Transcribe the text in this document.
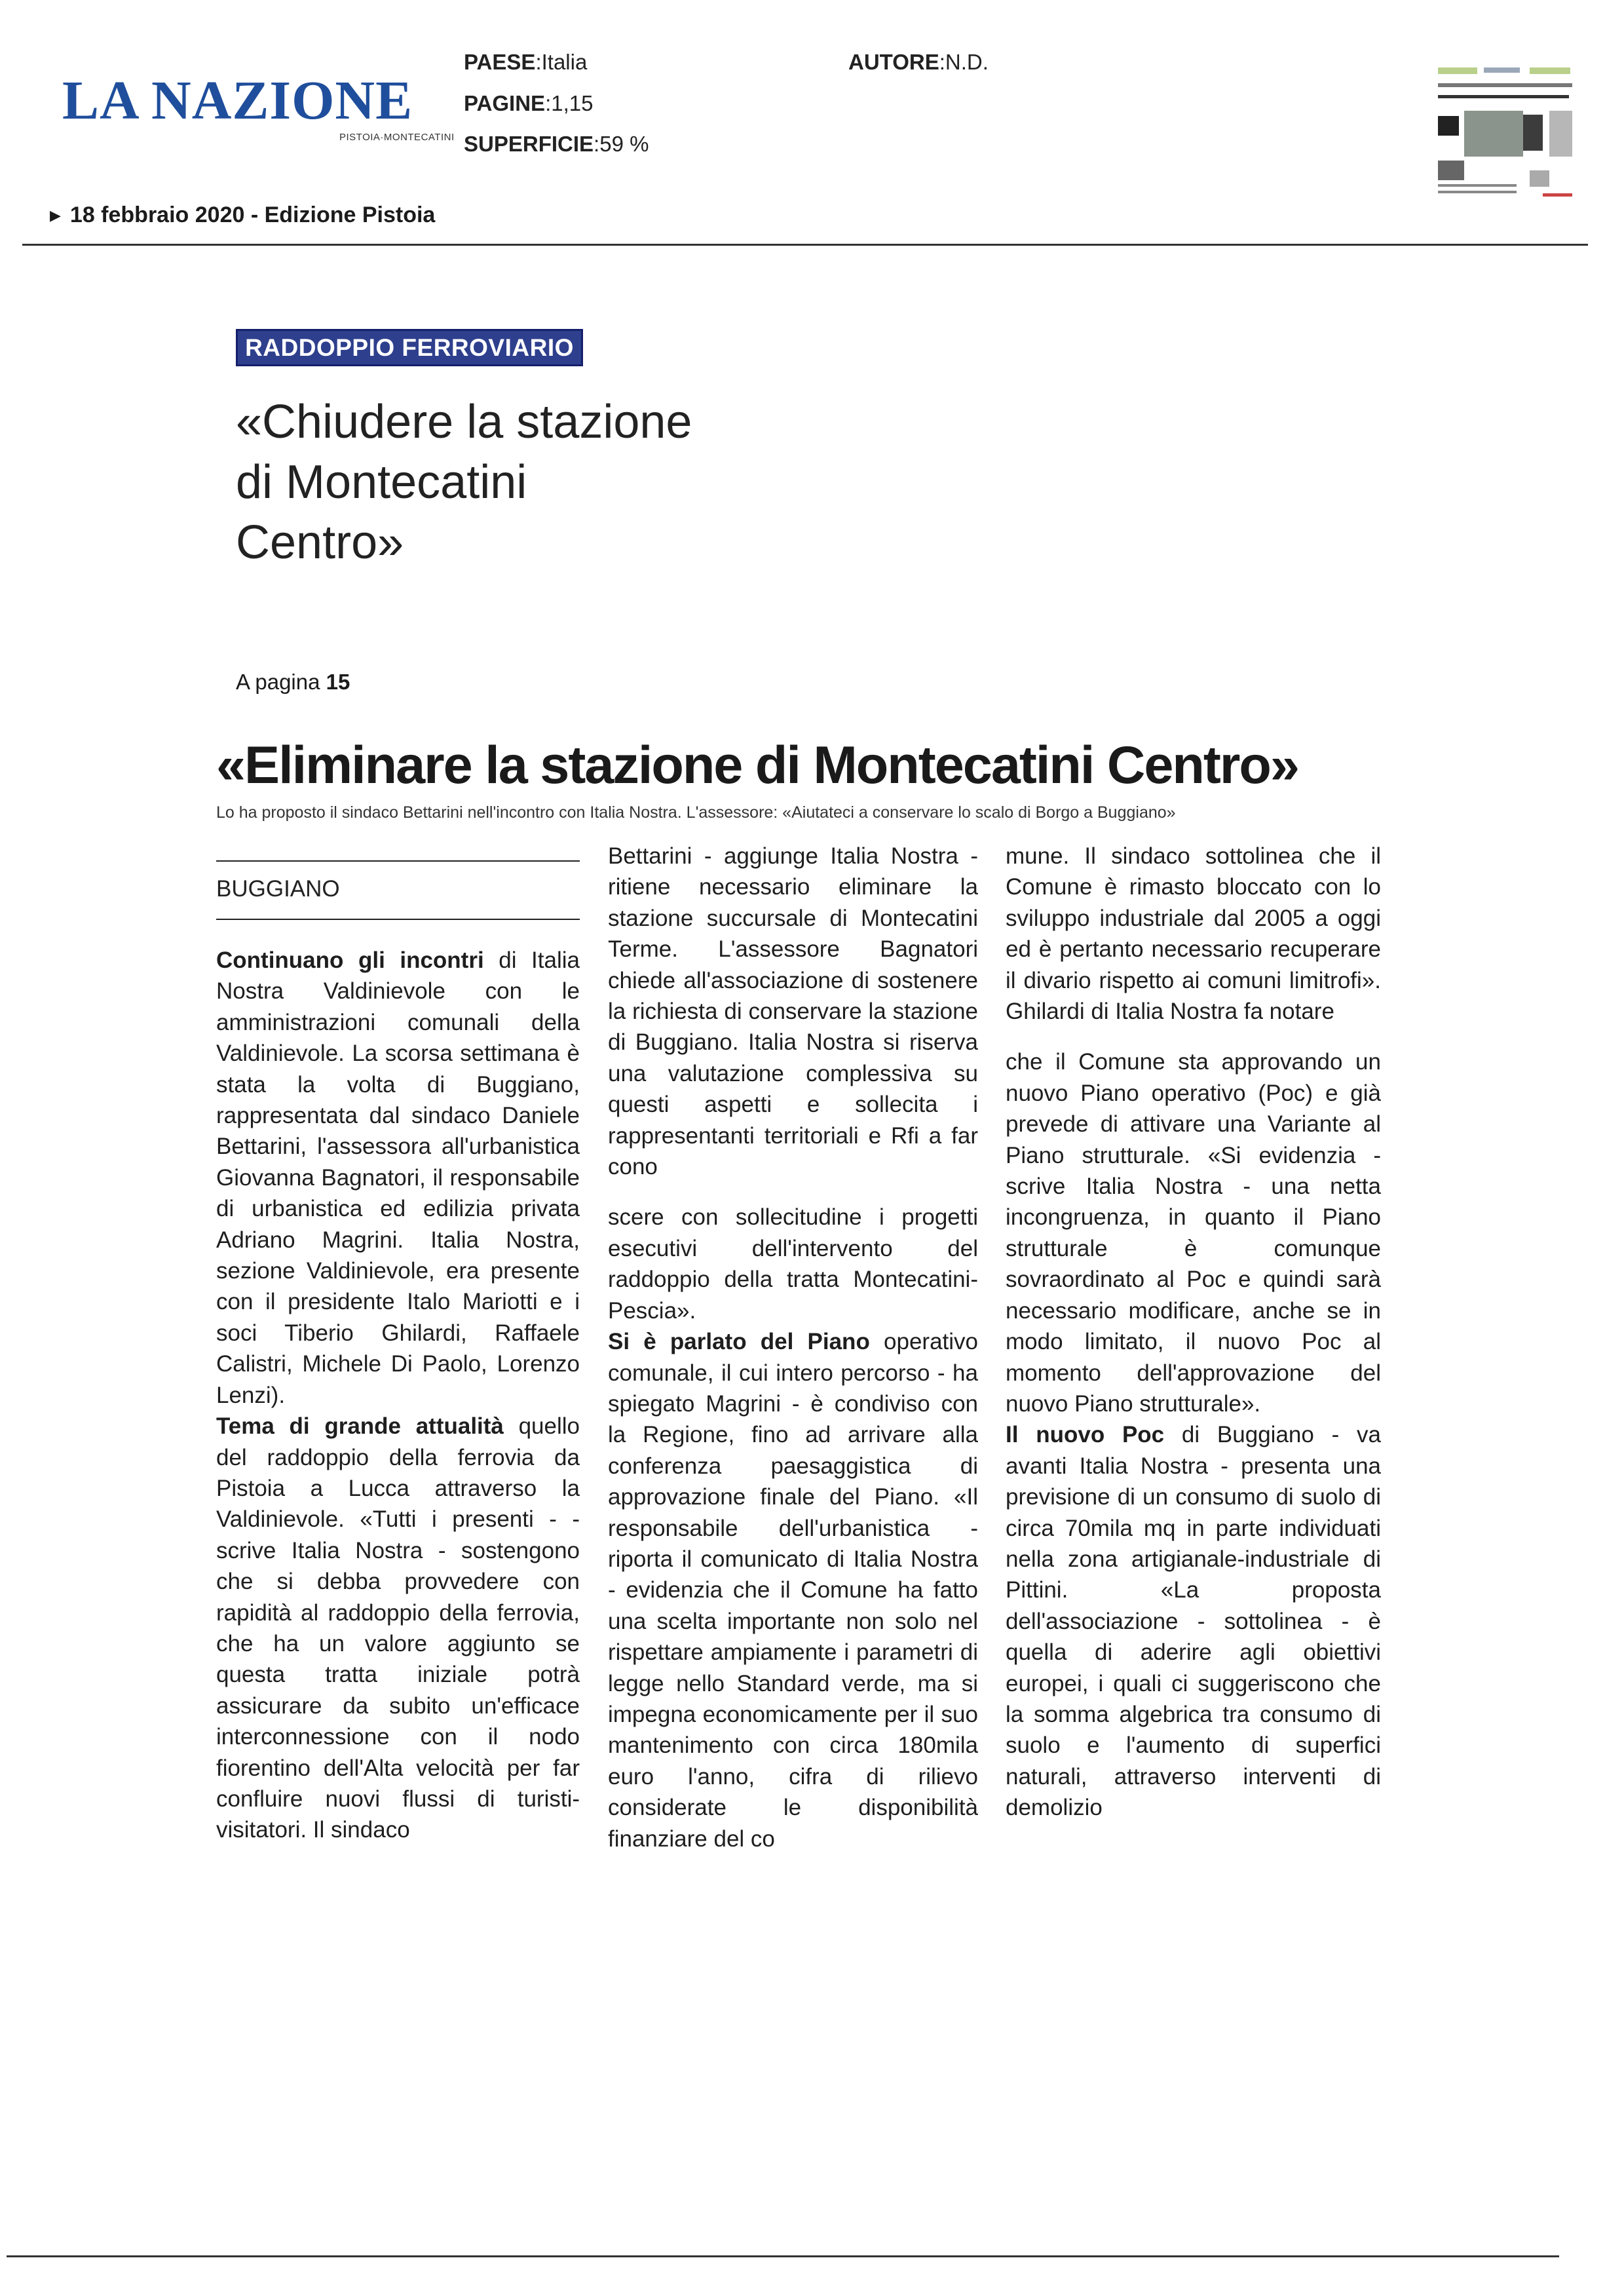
LA NAZIONE
PISTOIA·MONTECATINI
PAESE:Italia
PAGINE:1,15
SUPERFICIE:59 %
AUTORE:N.D.
▶ 18 febbraio 2020 - Edizione Pistoia
RADDOPPIO FERROVIARIO
«Chiudere la stazione di Montecatini Centro»
A pagina 15
«Eliminare la stazione di Montecatini Centro»
Lo ha proposto il sindaco Bettarini nell'incontro con Italia Nostra. L'assessore: «Aiutateci a conservare lo scalo di Borgo a Buggiano»
BUGGIANO

Continuano gli incontri di Italia Nostra Valdinievole con le amministrazioni comunali della Valdinievole. La scorsa settimana è stata la volta di Buggiano, rappresentata dal sindaco Daniele Bettarini, l'assessora all'urbanistica Giovanna Bagnatori, il responsabile di urbanistica ed edilizia privata Adriano Magrini. Italia Nostra, sezione Valdinievole, era presente con il presidente Italo Mariotti e i soci Tiberio Ghilardi, Raffaele Calistri, Michele Di Paolo, Lorenzo Lenzi).

Tema di grande attualità quello del raddoppio della ferrovia da Pistoia a Lucca attraverso la Valdinievole. «Tutti i presenti - - scrive Italia Nostra - sostengono che si debba provvedere con rapidità al raddoppio della ferrovia, che ha un valore aggiunto se questa tratta iniziale potrà assicurare da subito un'efficace interconnessione con il nodo fiorentino dell'Alta velocità per far confluire nuovi flussi di turisti-visitatori. Il sindaco

Bettarini - aggiunge Italia Nostra - ritiene necessario eliminare la stazione succursale di Montecatini Terme. L'assessore Bagnatori chiede all'associazione di sostenere la richiesta di conservare la stazione di Buggiano. Italia Nostra si riserva una valutazione complessiva su questi aspetti e sollecita i rappresentanti territoriali e Rfi a far cono

scere con sollecitudine i progetti esecutivi dell'intervento del raddoppio della tratta Montecatini-Pescia».

Si è parlato del Piano operativo comunale, il cui intero percorso - ha spiegato Magrini - è condiviso con la Regione, fino ad arrivare alla conferenza paesaggistica di approvazione finale del Piano. «Il responsabile dell'urbanistica - riporta il comunicato di Italia Nostra - evidenzia che il Comune ha fatto una scelta importante non solo nel rispettare ampiamente i parametri di legge nello Standard verde, ma si impegna economicamente per il suo mantenimento con circa 180mila euro l'anno, cifra di rilievo considerate le disponibilità finanziare del co

mune. Il sindaco sottolinea che il Comune è rimasto bloccato con lo sviluppo industriale dal 2005 a oggi ed è pertanto necessario recuperare il divario rispetto ai comuni limitrofi». Ghilardi di Italia Nostra fa notare

che il Comune sta approvando un nuovo Piano operativo (Poc) e già prevede di attivare una Variante al Piano strutturale. «Si evidenzia - scrive Italia Nostra - una netta incongruenza, in quanto il Piano strutturale è comunque sovraordinato al Poc e quindi sarà necessario modificare, anche se in modo limitato, il nuovo Poc al momento dell'approvazione del nuovo Piano strutturale».

Il nuovo Poc di Buggiano - va avanti Italia Nostra - presenta una previsione di un consumo di suolo di circa 70mila mq in parte individuati nella zona artigianale-industriale di Pittini. «La proposta dell'associazione - sottolinea - è quella di aderire agli obiettivi europei, i quali ci suggeriscono che la somma algebrica tra consumo di suolo e l'aumento di superfici naturali, attraverso interventi di demolizio
